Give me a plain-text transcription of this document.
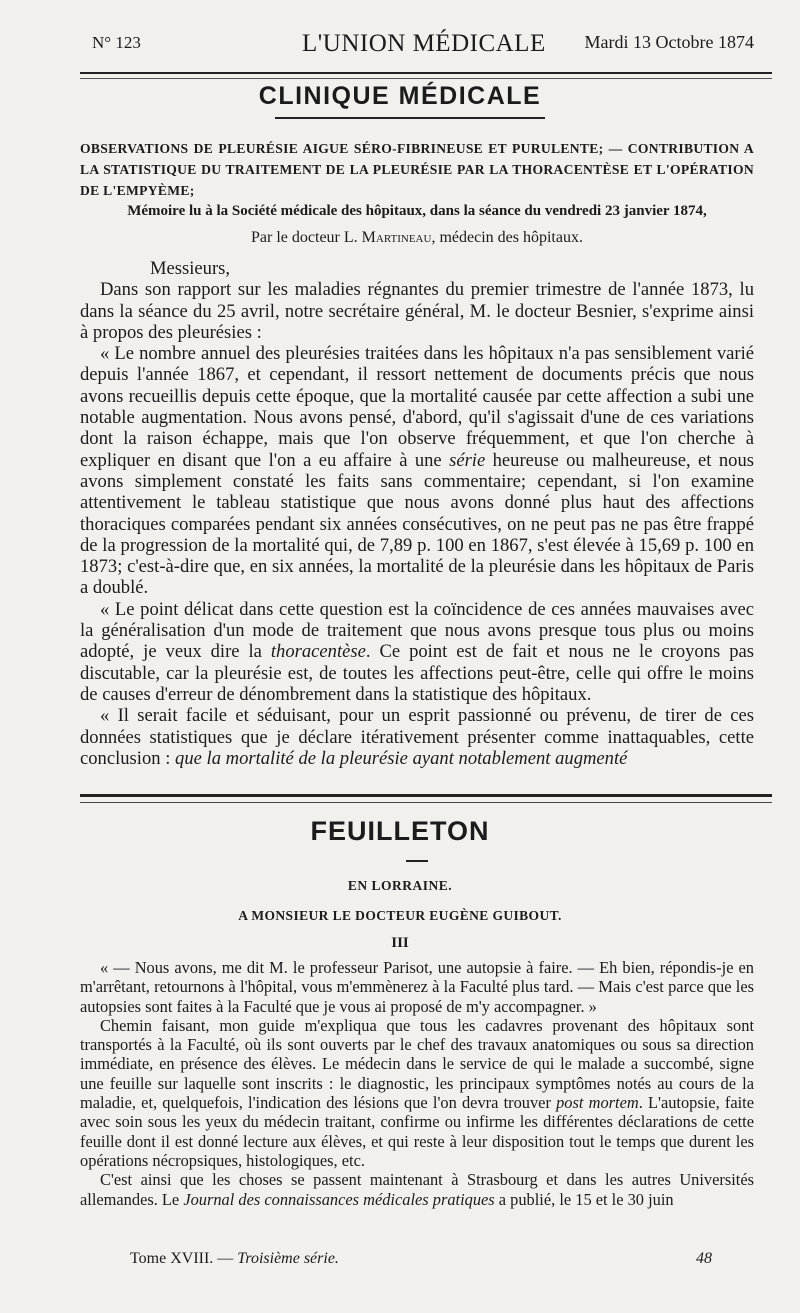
N° 123	L'UNION MÉDICALE Mardi 13 Octobre 1874
CLINIQUE MÉDICALE
OBSERVATIONS DE PLEURÉSIE AIGUE SÉRO-FIBRINEUSE ET PURULENTE; — CONTRIBUTION A LA STATISTIQUE DU TRAITEMENT DE LA PLEURÉSIE PAR LA THORACENTÈSE ET L'OPÉRATION DE L'EMPYÈME;
Mémoire lu à la Société médicale des hôpitaux, dans la séance du vendredi 23 janvier 1874,
Par le docteur L. Martineau, médecin des hôpitaux.

Messieurs,

Dans son rapport sur les maladies régnantes du premier trimestre de l'année 1873, lu dans la séance du 25 avril, notre secrétaire général, M. le docteur Besnier, s'exprime ainsi à propos des pleurésies :

« Le nombre annuel des pleurésies traitées dans les hôpitaux n'a pas sensiblement varié depuis l'année 1867, et cependant, il ressort nettement de documents précis que nous avons recueillis depuis cette époque, que la mortalité causée par cette affection a subi une notable augmentation. Nous avons pensé, d'abord, qu'il s'agissait d'une de ces variations dont la raison échappe, mais que l'on observe fréquemment, et que l'on cherche à expliquer en disant que l'on a eu affaire à une série heureuse ou malheureuse, et nous avons simplement constaté les faits sans commentaire; cependant, si l'on examine attentivement le tableau statistique que nous avons donné plus haut des affections thoraciques comparées pendant six années consécutives, on ne peut pas ne pas être frappé de la progression de la mortalité qui, de 7,89 p. 100 en 1867, s'est élevée à 15,69 p. 100 en 1873; c'est-à-dire que, en six années, la mortalité de la pleurésie dans les hôpitaux de Paris a doublé.

« Le point délicat dans cette question est la coïncidence de ces années mauvaises avec la généralisation d'un mode de traitement que nous avons presque tous plus ou moins adopté, je veux dire la thoracentèse. Ce point est de fait et nous ne le croyons pas discutable, car la pleurésie est, de toutes les affections peut-être, celle qui offre le moins de causes d'erreur de dénombrement dans la statistique des hôpitaux.

« Il serait facile et séduisant, pour un esprit passionné ou prévenu, de tirer de ces données statistiques que je déclare itérativement présenter comme inattaquables, cette conclusion : que la mortalité de la pleurésie ayant notablement augmenté

FEUILLETON
EN LORRAINE.
A MONSIEUR LE DOCTEUR EUGÈNE GUIBOUT.
III

« — Nous avons, me dit M. le professeur Parisot, une autopsie à faire. — Eh bien, répondis-je en m'arrêtant, retournons à l'hôpital, vous m'emmènerez à la Faculté plus tard. — Mais c'est parce que les autopsies sont faites à la Faculté que je vous ai proposé de m'y accompagner. »

Chemin faisant, mon guide m'expliqua que tous les cadavres provenant des hôpitaux sont transportés à la Faculté, où ils sont ouverts par le chef des travaux anatomiques ou sous sa direction immédiate, en présence des élèves. Le médecin dans le service de qui le malade a succombé, signe une feuille sur laquelle sont inscrits : le diagnostic, les principaux symptômes notés au cours de la maladie, et, quelquefois, l'indication des lésions que l'on devra trouver post mortem. L'autopsie, faite avec soin sous les yeux du médecin traitant, confirme ou infirme les différentes déclarations de cette feuille dont il est donné lecture aux élèves, et qui reste à leur disposition tout le temps que durent les opérations nécropsiques, histologiques, etc.

C'est ainsi que les choses se passent maintenant à Strasbourg et dans les autres Universités allemandes. Le Journal des connaissances médicales pratiques a publié, le 15 et le 30 juin

Tome XVIII. — Troisième série.	48
